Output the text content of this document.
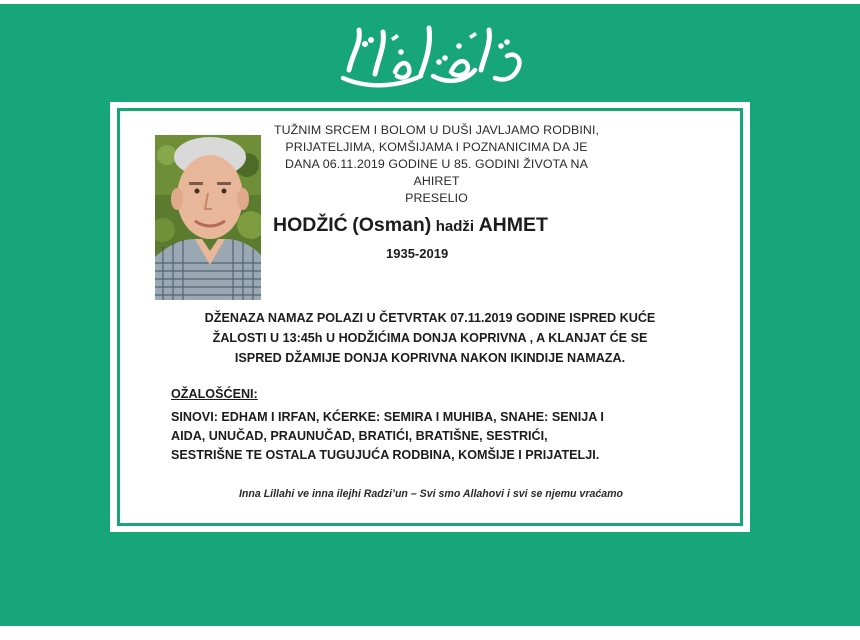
ارتحال دار بقا
TUŽNIM SRCEM I BOLOM U DUŠI JAVLJAMO RODBINI,
PRIJATELJIMA, KOMŠIJAMA I POZNANICIMA DA JE
DANA 06.11.2019 GODINE U 85. GODINI ŽIVOTA NA AHIRET
PRESELIO
HODŽIĆ (Osman) hadži AHMET
1935-2019
DŽENAZA NAMAZ POLAZI U ČETVRTAK 07.11.2019 GODINE ISPRED KUĆE
ŽALOSTI U 13:45h U HODŽIĆIMA DONJA KOPRIVNA , A KLANJAT ĆE SE
ISPRED DŽAMIJE DONJA KOPRIVNA NAKON IKINDIJE NAMAZA.
OŽALOŠĆENI:
SINOVI: EDHAM I IRFAN, KĆERKE: SEMIRA I MUHIBA, SNAHE: SENIJA I
AIDA, UNUČAD, PRAUNUČAD, BRATIĆI, BRATIŠNE, SESTRIĆI,
SESTRIŠNE TE OSTALA TUGUJUĆA RODBINA, KOMŠIJE I PRIJATELJI.
Inna Lillahi ve inna ilejhi Radzi’un – Svi smo Allahovi i svi se njemu vraćamo
